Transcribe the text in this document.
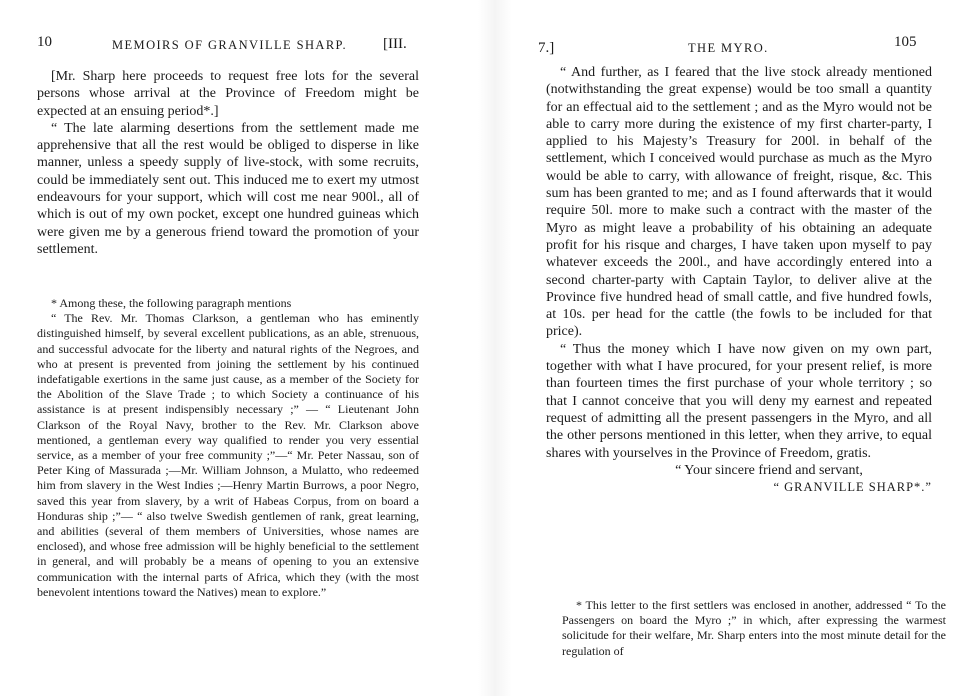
10	MEMOIRS OF GRANVILLE SHARP. [III.

[Mr. Sharp here proceeds to request free lots for the several persons whose arrival at the Province of Freedom might be expected at an ensuing period*.]

“ The late alarming desertions from the settlement made me apprehensive that all the rest would be obliged to disperse in like manner, unless a speedy supply of live-stock, with some recruits, could be immediately sent out. This induced me to exert my utmost endeavours for your support, which will cost me near 900l., all of which is out of my own pocket, except one hundred guineas which were given me by a generous friend toward the promotion of your settlement.

* Among these, the following paragraph mentions

“ The Rev. Mr. Thomas Clarkson, a gentleman who has eminently distinguished himself, by several excellent publications, as an able, strenuous, and successful advocate for the liberty and natural rights of the Negroes, and who at present is prevented from joining the settlement by his continued indefatigable exertions in the same just cause, as a member of the Society for the Abolition of the Slave Trade ; to which Society a continuance of his assistance is at present indispensibly necessary ;” — “ Lieutenant John Clarkson of the Royal Navy, brother to the Rev. Mr. Clarkson above mentioned, a gentleman every way qualified to render you very essential service, as a member of your free community ;”—“ Mr. Peter Nassau, son of Peter King of Massurada ;—Mr. William Johnson, a Mulatto, who redeemed him from slavery in the West Indies ;—Henry Martin Burrows, a poor Negro, saved this year from slavery, by a writ of Habeas Corpus, from on board a Honduras ship ;”— “ also twelve Swedish gentlemen of rank, great learning, and abilities (several of them members of Universities, whose names are enclosed), and whose free admission will be highly beneficial to the settlement in general, and will probably be a means of opening to you an extensive communication with the internal parts of Africa, which they (with the most benevolent intentions toward the Natives) mean to explore.”

7.]	THE MYRO.	105

“ And further, as I feared that the live stock already mentioned (notwithstanding the great expense) would be too small a quantity for an effectual aid to the settlement ; and as the Myro would not be able to carry more during the existence of my first charter-party, I applied to his Majesty’s Treasury for 200l. in behalf of the settlement, which I conceived would purchase as much as the Myro would be able to carry, with allowance of freight, risque, &c. This sum has been granted to me; and as I found afterwards that it would require 50l. more to make such a contract with the master of the Myro as might leave a probability of his obtaining an adequate profit for his risque and charges, I have taken upon myself to pay whatever exceeds the 200l., and have accordingly entered into a second charter-party with Captain Taylor, to deliver alive at the Province five hundred head of small cattle, and five hundred fowls, at 10s. per head for the cattle (the fowls to be included for that price).

“ Thus the money which I have now given on my own part, together with what I have procured, for your present relief, is more than fourteen times the first purchase of your whole territory ; so that I cannot conceive that you will deny my earnest and repeated request of admitting all the present passengers in the Myro, and all the other persons mentioned in this letter, when they arrive, to equal shares with yourselves in the Province of Freedom, gratis.

“ Your sincere friend and servant,

“ GRANVILLE SHARP*.”

* This letter to the first settlers was enclosed in another, addressed “ To the Passengers on board the Myro ;” in which, after expressing the warmest solicitude for their welfare, Mr. Sharp enters into the most minute detail for the regulation of
